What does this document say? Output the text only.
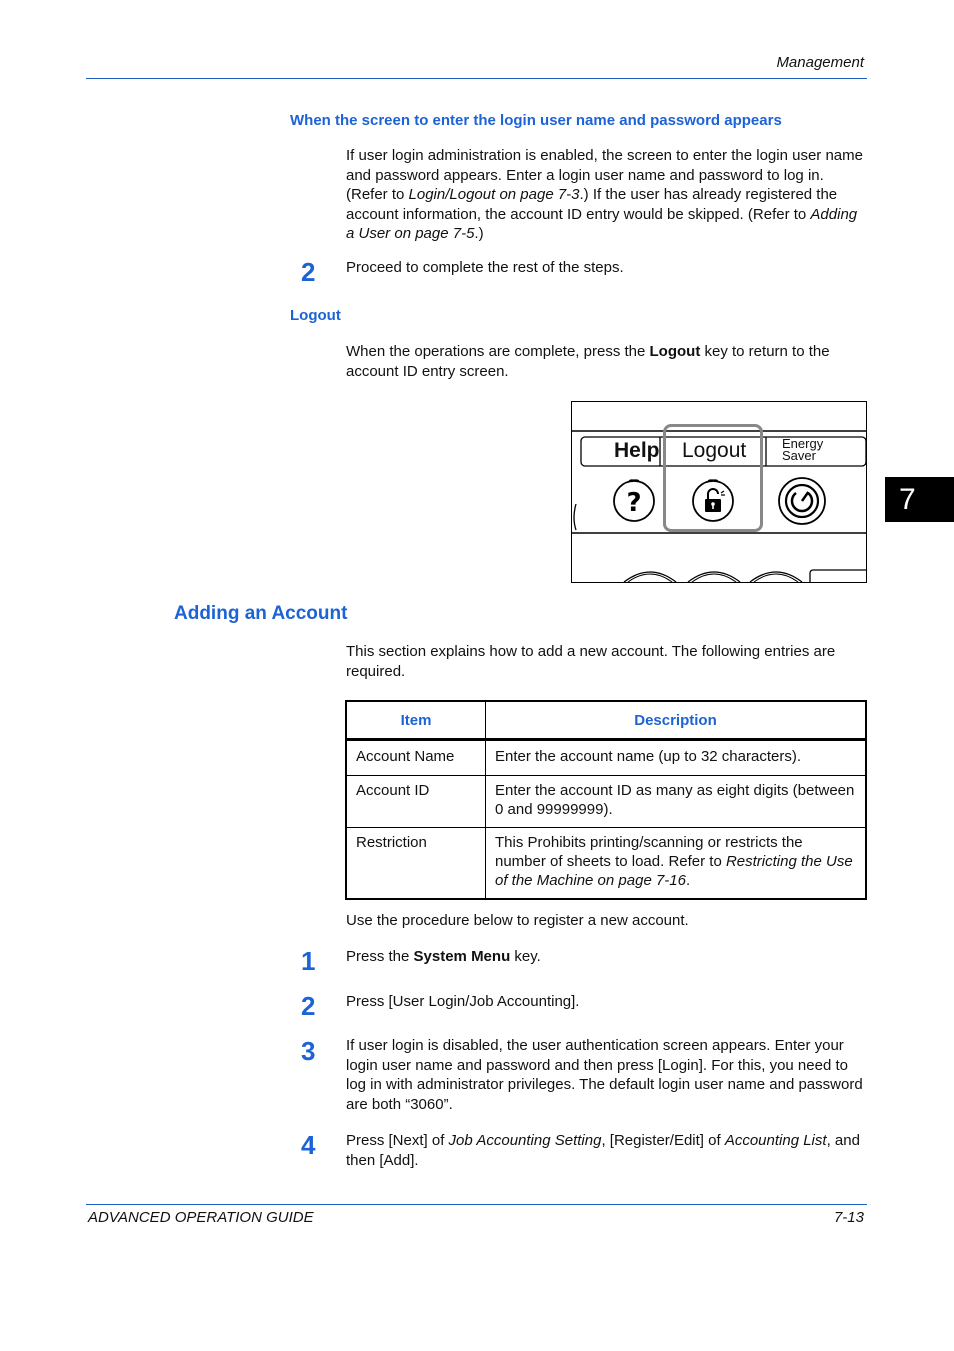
Management
When the screen to enter the login user name and password appears
If user login administration is enabled, the screen to enter the login user name and password appears. Enter a login user name and password to log in. (Refer to Login/Logout on page 7-3.) If the user has already registered the account information, the account ID entry would be skipped. (Refer to Adding a User on page 7-5.)
2	Proceed to complete the rest of the steps.
Logout
When the operations are complete, press the Logout key to return to the account ID entry screen.
Help Logout	Energy
Saver
?	7
Adding an Account
This section explains how to add a new account. The following entries are required.
Item	Description
Account Name	Enter the account name (up to 32 characters).
Account ID	Enter the account ID as many as eight digits (between 0 and 99999999).
Restriction	This Prohibits printing/scanning or restricts the number of sheets to load. Refer to Restricting the Use of the Machine on page 7-16.
Use the procedure below to register a new account.
1	Press the System Menu key.
2	Press [User Login/Job Accounting].
3	If user login is disabled, the user authentication screen appears. Enter your login user name and password and then press [Login]. For this, you need to log in with administrator privileges. The default login user name and password are both “3060”.
4	Press [Next] of Job Accounting Setting, [Register/Edit] of Accounting List, and then [Add].
ADVANCED OPERATION GUIDE	7-13
